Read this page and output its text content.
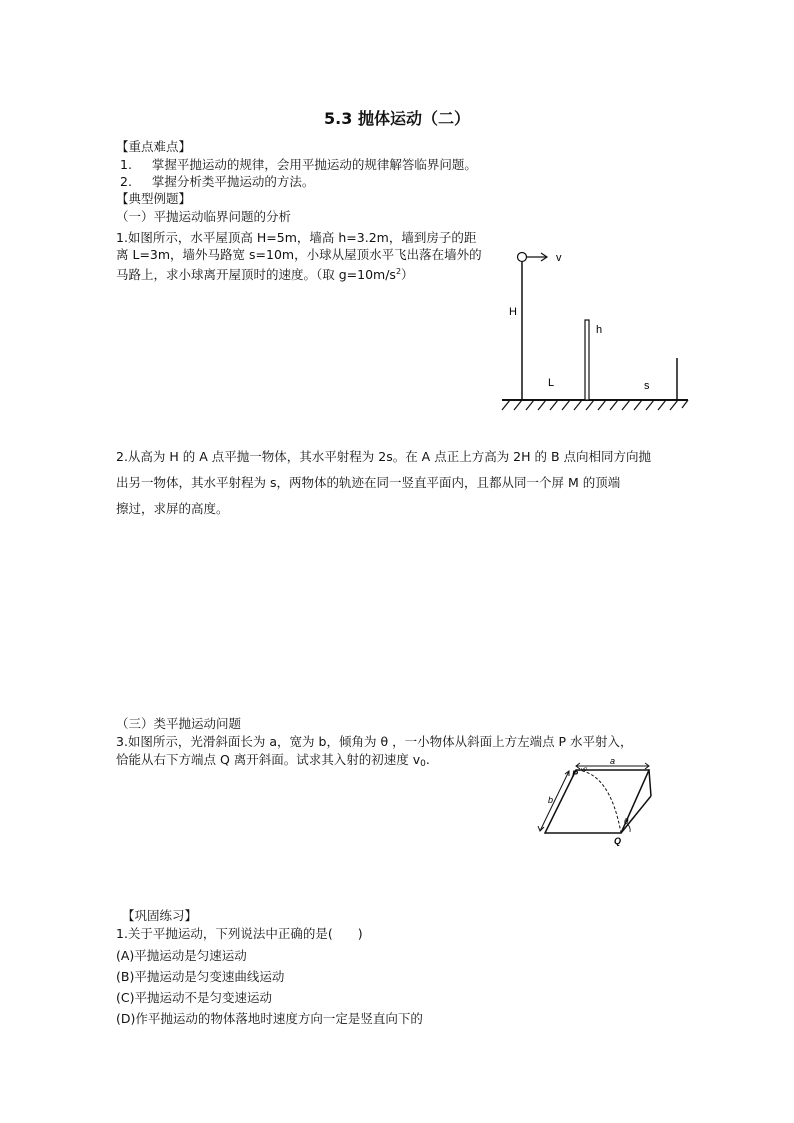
5.3 抛体运动（二）
【重点难点】
1. 掌握平抛运动的规律，会用平抛运动的规律解答临界问题。
2. 掌握分析类平抛运动的方法。
【典型例题】
（一）平抛运动临界问题的分析
1.如图所示，水平屋顶高 H=5m，墙高 h=3.2m，墙到房子的距
离 L=3m，墙外马路宽 s=10m，小球从屋顶水平飞出落在墙外的
马路上，求小球离开屋顶时的速度。（取 $g=10m/s^2$）
v
H
h
L	s
2.从高为 H 的 A 点平抛一物体，其水平射程为 2s。在 A 点正上方高为 2H 的 B 点向相同方向抛
出另一物体，其水平射程为 s，两物体的轨迹在同一竖直平面内，且都从同一个屏 M 的顶端
擦过，求屏的高度。
（三）类平抛运动问题
3.如图所示，光滑斜面长为 a，宽为 b，倾角为 θ ，一小物体从斜面上方左端点 P 水平射入，
恰能从右下方端点 Q 离开斜面。试求其入射的初速度 $v_0$.	a
b
θ
P v0
Q
【巩固练习】
1.关于平抛运动，下列说法中正确的是(　　)
(A)平抛运动是匀速运动
(B)平抛运动是匀变速曲线运动
(C)平抛运动不是匀变速运动
(D)作平抛运动的物体落地时速度方向一定是竖直向下的
